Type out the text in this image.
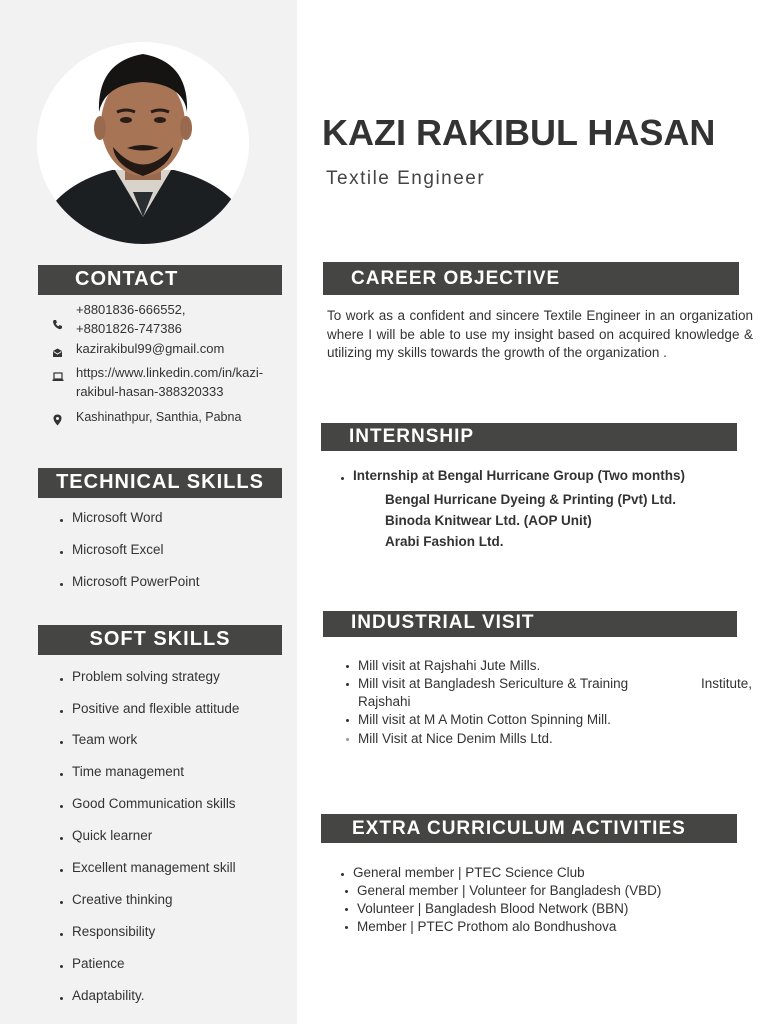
CONTACT
+8801836-666552,
+8801826-747386
kazirakibul99@gmail.com
https://www.linkedin.com/in/kazi-
rakibul-hasan-388320333
Kashinathpur, Santhia, Pabna
TECHNICAL SKILLS
Microsoft Word
Microsoft Excel
Microsoft PowerPoint
SOFT SKILLS
Problem solving strategy
Positive and flexible attitude
Team work
Time management
Good Communication skills
Quick learner
Excellent management skill
Creative thinking
Responsibility
Patience
Adaptability.
KAZI RAKIBUL HASAN
Textile Engineer
CAREER OBJECTIVE
To work as a confident and sincere Textile Engineer in an organization where I will be able to use my insight based on acquired knowledge & utilizing my skills towards the growth of the organization .
INTERNSHIP
Internship at Bengal Hurricane Group (Two months)
Bengal Hurricane Dyeing & Printing (Pvt) Ltd.
Binoda Knitwear Ltd. (AOP Unit)
Arabi Fashion Ltd.
INDUSTRIAL VISIT
Mill visit at Rajshahi Jute Mills.
Mill visit at Bangladesh Sericulture & Training	Institute,
Rajshahi
Mill visit at M A Motin Cotton Spinning Mill.
Mill Visit at Nice Denim Mills Ltd.
EXTRA CURRICULUM ACTIVITIES
General member | PTEC Science Club
General member | Volunteer for Bangladesh (VBD)
Volunteer | Bangladesh Blood Network (BBN)
Member | PTEC Prothom alo Bondhushova
